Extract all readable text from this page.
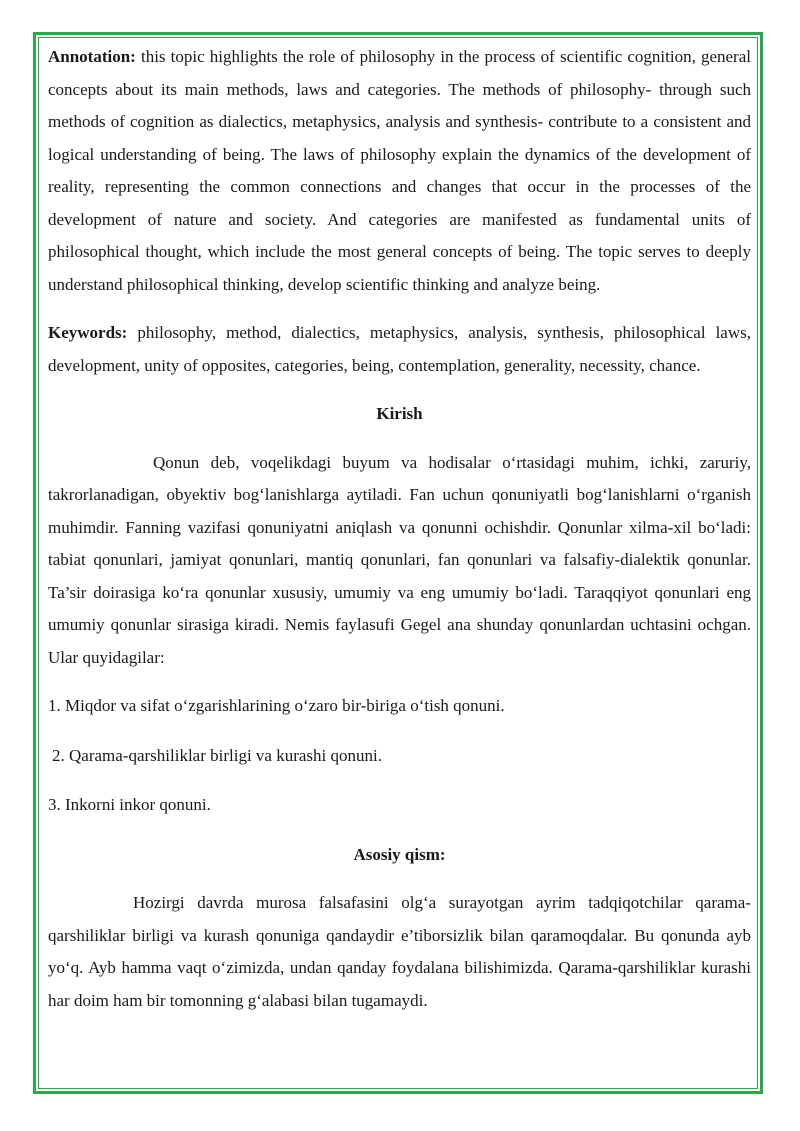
Annotation: this topic highlights the role of philosophy in the process of scientific cognition, general concepts about its main methods, laws and categories. The methods of philosophy- through such methods of cognition as dialectics, metaphysics, analysis and synthesis- contribute to a consistent and logical understanding of being. The laws of philosophy explain the dynamics of the development of reality, representing the common connections and changes that occur in the processes of the development of nature and society. And categories are manifested as fundamental units of philosophical thought, which include the most general concepts of being. The topic serves to deeply understand philosophical thinking, develop scientific thinking and analyze being.

Keywords: philosophy, method, dialectics, metaphysics, analysis, synthesis, philosophical laws, development, unity of opposites, categories, being, contemplation, generality, necessity, chance.

Kirish

Qonun deb, voqelikdagi buyum va hodisalar o‘rtasidagi muhim, ichki, zaruriy, takrorlanadigan, obyektiv bog‘lanishlarga aytiladi. Fan uchun qonuniyatli bog‘lanishlarni o‘rganish muhimdir. Fanning vazifasi qonuniyatni aniqlash va qonunni ochishdir. Qonunlar xilma-xil bo‘ladi: tabiat qonunlari, jamiyat qonunlari, mantiq qonunlari, fan qonunlari va falsafiy-dialektik qonunlar. Ta’sir doirasiga ko‘ra qonunlar xususiy, umumiy va eng umumiy bo‘ladi. Taraqqiyot qonunlari eng umumiy qonunlar sirasiga kiradi. Nemis faylasufi Gegel ana shunday qonunlardan uchtasini ochgan. Ular quyidagilar:

1. Miqdor va sifat o‘zgarishlarining o‘zaro bir-biriga o‘tish qonuni.

2. Qarama-qarshiliklar birligi va kurashi qonuni.

3. Inkorni inkor qonuni.

Asosiy qism:

Hozirgi davrda murosa falsafasini olg‘a surayotgan ayrim tadqiqotchilar qarama-qarshiliklar birligi va kurash qonuniga qandaydir e’tiborsizlik bilan qaramoqdalar. Bu qonunda ayb yo‘q. Ayb hamma vaqt o‘zimizda, undan qanday foydalana bilishimizda. Qarama-qarshiliklar kurashi har doim ham bir tomonning g‘alabasi bilan tugamaydi.
